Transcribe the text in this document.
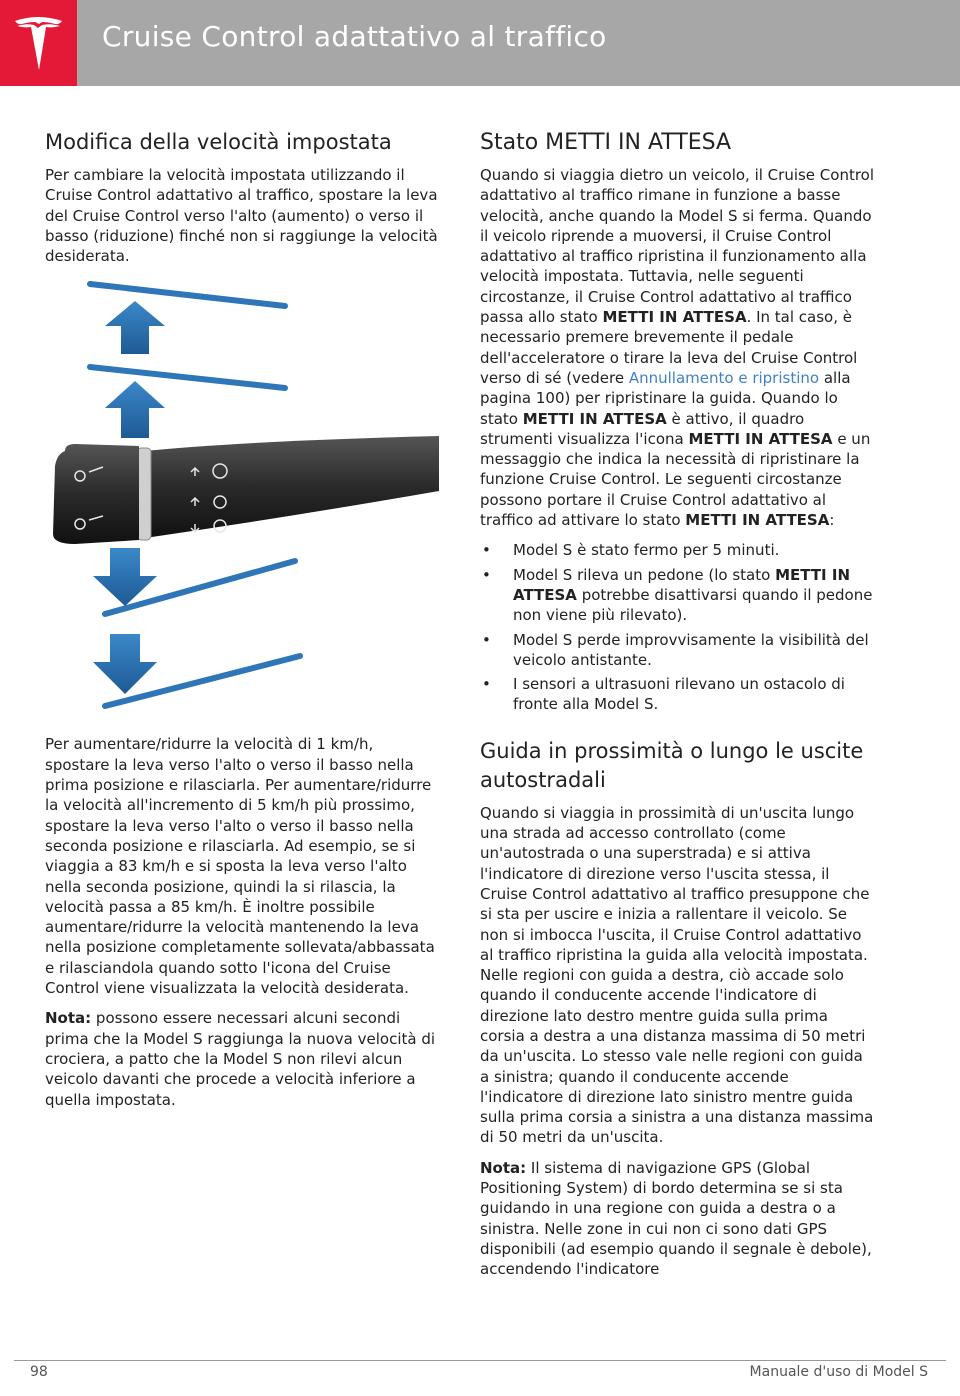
Cruise Control adattativo al traffico
Modifica della velocità impostata

Per cambiare la velocità impostata utilizzando il Cruise Control adattativo al traffico, spostare la leva del Cruise Control verso l'alto (aumento) o verso il basso (riduzione) finché non si raggiunge la velocità desiderata.

Per aumentare/ridurre la velocità di 1 km/h, spostare la leva verso l'alto o verso il basso nella prima posizione e rilasciarla. Per aumentare/ridurre la velocità all'incremento di 5 km/h più prossimo, spostare la leva verso l'alto o verso il basso nella seconda posizione e rilasciarla. Ad esempio, se si viaggia a 83 km/h e si sposta la leva verso l'alto nella seconda posizione, quindi la si rilascia, la velocità passa a 85 km/h. È inoltre possibile aumentare/ridurre la velocità mantenendo la leva nella posizione completamente sollevata/abbassata e rilasciandola quando sotto l'icona del Cruise Control viene visualizzata la velocità desiderata.

Nota: possono essere necessari alcuni secondi prima che la Model S raggiunga la nuova velocità di crociera, a patto che la Model S non rilevi alcun veicolo davanti che procede a velocità inferiore a quella impostata.

Stato METTI IN ATTESA

Quando si viaggia dietro un veicolo, il Cruise Control adattativo al traffico rimane in funzione a basse velocità, anche quando la Model S si ferma. Quando il veicolo riprende a muoversi, il Cruise Control adattativo al traffico ripristina il funzionamento alla velocità impostata. Tuttavia, nelle seguenti circostanze, il Cruise Control adattativo al traffico passa allo stato METTI IN ATTESA. In tal caso, è necessario premere brevemente il pedale dell'acceleratore o tirare la leva del Cruise Control verso di sé (vedere Annullamento e ripristino alla pagina 100) per ripristinare la guida. Quando lo stato METTI IN ATTESA è attivo, il quadro strumenti visualizza l'icona METTI IN ATTESA e un messaggio che indica la necessità di ripristinare la funzione Cruise Control. Le seguenti circostanze possono portare il Cruise Control adattativo al traffico ad attivare lo stato METTI IN ATTESA:

• Model S è stato fermo per 5 minuti.
• Model S rileva un pedone (lo stato METTI IN ATTESA potrebbe disattivarsi quando il pedone non viene più rilevato).
• Model S perde improvvisamente la visibilità del veicolo antistante.
• I sensori a ultrasuoni rilevano un ostacolo di fronte alla Model S.
Guida in prossimità o lungo le uscite autostradali

Quando si viaggia in prossimità di un'uscita lungo una strada ad accesso controllato (come un'autostrada o una superstrada) e si attiva l'indicatore di direzione verso l'uscita stessa, il Cruise Control adattativo al traffico presuppone che si sta per uscire e inizia a rallentare il veicolo. Se non si imbocca l'uscita, il Cruise Control adattativo al traffico ripristina la guida alla velocità impostata. Nelle regioni con guida a destra, ciò accade solo quando il conducente accende l'indicatore di direzione lato destro mentre guida sulla prima corsia a destra a una distanza massima di 50 metri da un'uscita. Lo stesso vale nelle regioni con guida a sinistra; quando il conducente accende l'indicatore di direzione lato sinistro mentre guida sulla prima corsia a sinistra a una distanza massima di 50 metri da un'uscita.

Nota: Il sistema di navigazione GPS (Global Positioning System) di bordo determina se si sta guidando in una regione con guida a destra o a sinistra. Nelle zone in cui non ci sono dati GPS disponibili (ad esempio quando il segnale è debole), accendendo l'indicatore

98	Manuale d'uso di Model S
